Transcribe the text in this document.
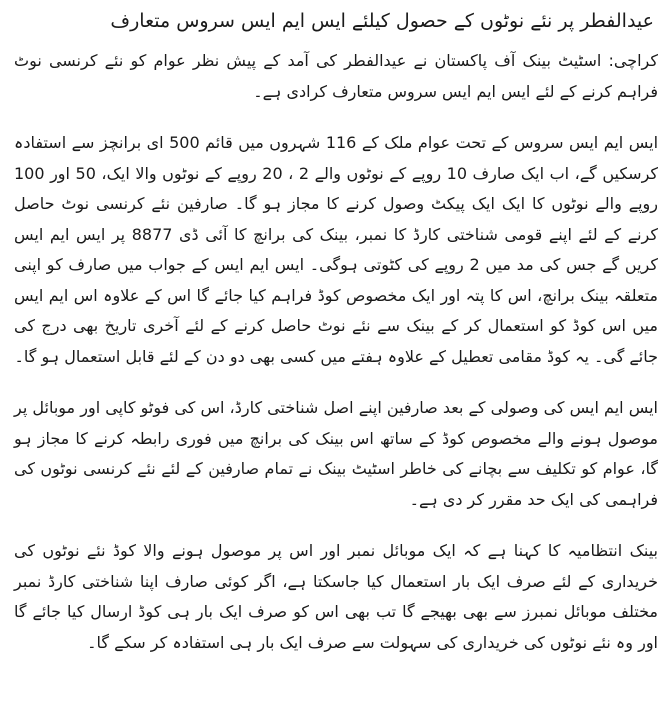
عیدالفطر پر نئے نوٹوں کے حصول کیلئے ایس ایم ایس سروس متعارف

کراچی: اسٹیٹ بینک آف پاکستان نے عیدالفطر کی آمد کے پیش نظر عوام کو نئے کرنسی نوٹ فراہم کرنے کے لئے ایس ایم ایس سروس متعارف کرادی ہے۔

ایس ایم ایس سروس کے تحت عوام ملک کے 116 شہروں میں قائم 500 ای برانچز سے استفادہ کرسکیں گے، اب ایک صارف 10 روپے کے نوٹوں والے 2 ، 20 روپے کے نوٹوں والا ایک، 50 اور 100 روپے والے نوٹوں کا ایک ایک پیکٹ وصول کرنے کا مجاز ہو گا۔ صارفین نئے کرنسی نوٹ حاصل کرنے کے لئے اپنے قومی شناختی کارڈ کا نمبر، بینک کی برانچ کا آئی ڈی 8877 پر ایس ایم ایس کریں گے جس کی مد میں 2 روپے کی کٹوتی ہوگی۔ ایس ایم ایس کے جواب میں صارف کو اپنی متعلقہ بینک برانچ، اس کا پتہ اور ایک مخصوص کوڈ فراہم کیا جائے گا اس کے علاوہ اس ایم ایس میں اس کوڈ کو استعمال کر کے بینک سے نئے نوٹ حاصل کرنے کے لئے آخری تاریخ بھی درج کی جائے گی۔ یہ کوڈ مقامی تعطیل کے علاوہ ہفتے میں کسی بھی دو دن کے لئے قابل استعمال ہو گا۔

ایس ایم ایس کی وصولی کے بعد صارفین اپنے اصل شناختی کارڈ، اس کی فوٹو کاپی اور موبائل پر موصول ہونے والے مخصوص کوڈ کے ساتھ اس بینک کی برانچ میں فوری رابطہ کرنے کا مجاز ہو گا، عوام کو تکلیف سے بچانے کی خاطر اسٹیٹ بینک نے تمام صارفین کے لئے نئے کرنسی نوٹوں کی فراہمی کی ایک حد مقرر کر دی ہے۔

بینک انتظامیہ کا کہنا ہے کہ ایک موبائل نمبر اور اس پر موصول ہونے والا کوڈ نئے نوٹوں کی خریداری کے لئے صرف ایک بار استعمال کیا جاسکتا ہے، اگر کوئی صارف اپنا شناختی کارڈ نمبر مختلف موبائل نمبرز سے بھی بھیجے گا تب بھی اس کو صرف ایک بار ہی کوڈ ارسال کیا جائے گا اور وہ نئے نوٹوں کی خریداری کی سہولت سے صرف ایک بار ہی استفادہ کر سکے گا۔
